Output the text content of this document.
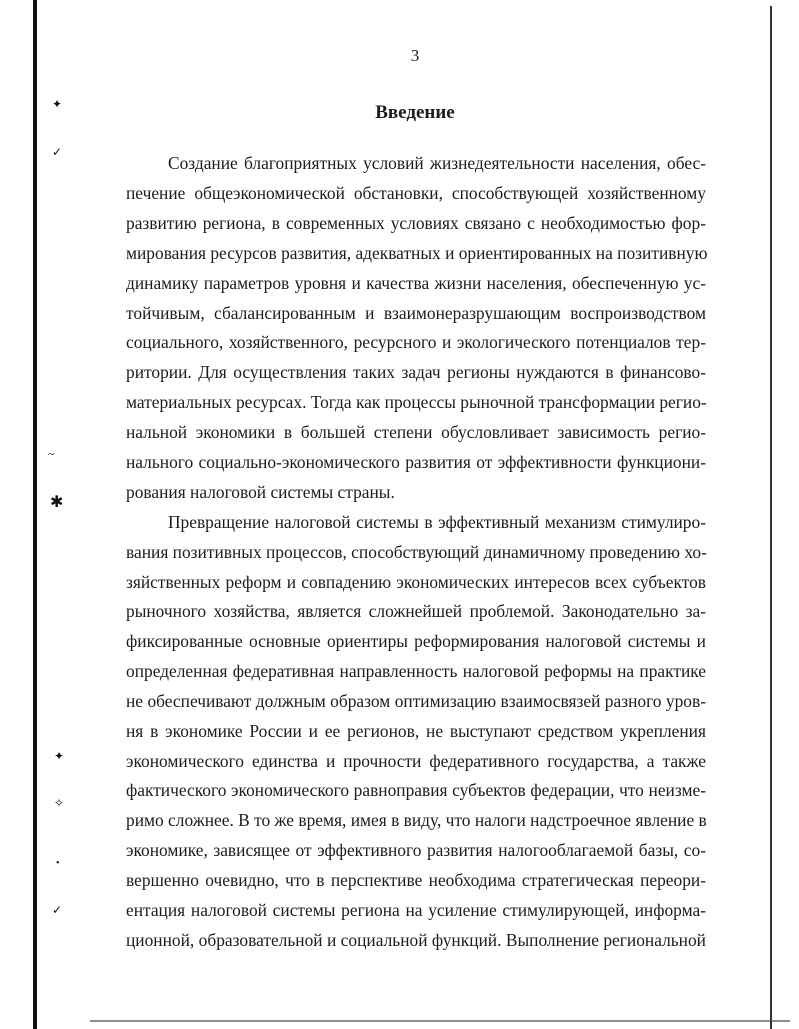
✦
✓
~
✱
✦
✧
•
✓
3
Введение
Создание благоприятных условий жизнедеятельности населения, обес-
печение общеэкономической обстановки, способствующей хозяйственному
развитию региона, в современных условиях связано с необходимостью фор-
мирования ресурсов развития, адекватных и ориентированных на позитивную
динамику параметров уровня и качества жизни населения, обеспеченную ус-
тойчивым, сбалансированным и взаимонеразрушающим воспроизводством
социального, хозяйственного, ресурсного и экологического потенциалов тер-
ритории. Для осуществления таких задач регионы нуждаются в финансово-
материальных ресурсах. Тогда как процессы рыночной трансформации регио-
нальной экономики в большей степени обусловливает зависимость регио-
нального социально-экономического развития от эффективности функциони-
рования налоговой системы страны.
Превращение налоговой системы в эффективный механизм стимулиро-
вания позитивных процессов, способствующий динамичному проведению хо-
зяйственных реформ и совпадению экономических интересов всех субъектов
рыночного хозяйства, является сложнейшей проблемой. Законодательно за-
фиксированные основные ориентиры реформирования налоговой системы и
определенная федеративная направленность налоговой реформы на практике
не обеспечивают должным образом оптимизацию взаимосвязей разного уров-
ня в экономике России и ее регионов, не выступают средством укрепления
экономического единства и прочности федеративного государства, а также
фактического экономического равноправия субъектов федерации, что неизме-
римо сложнее. В то же время, имея в виду, что налоги надстроечное явление в
экономике, зависящее от эффективного развития налогооблагаемой базы, со-
вершенно очевидно, что в перспективе необходима стратегическая переори-
ентация налоговой системы региона на усиление стимулирующей, информа-
ционной, образовательной и социальной функций. Выполнение региональной
